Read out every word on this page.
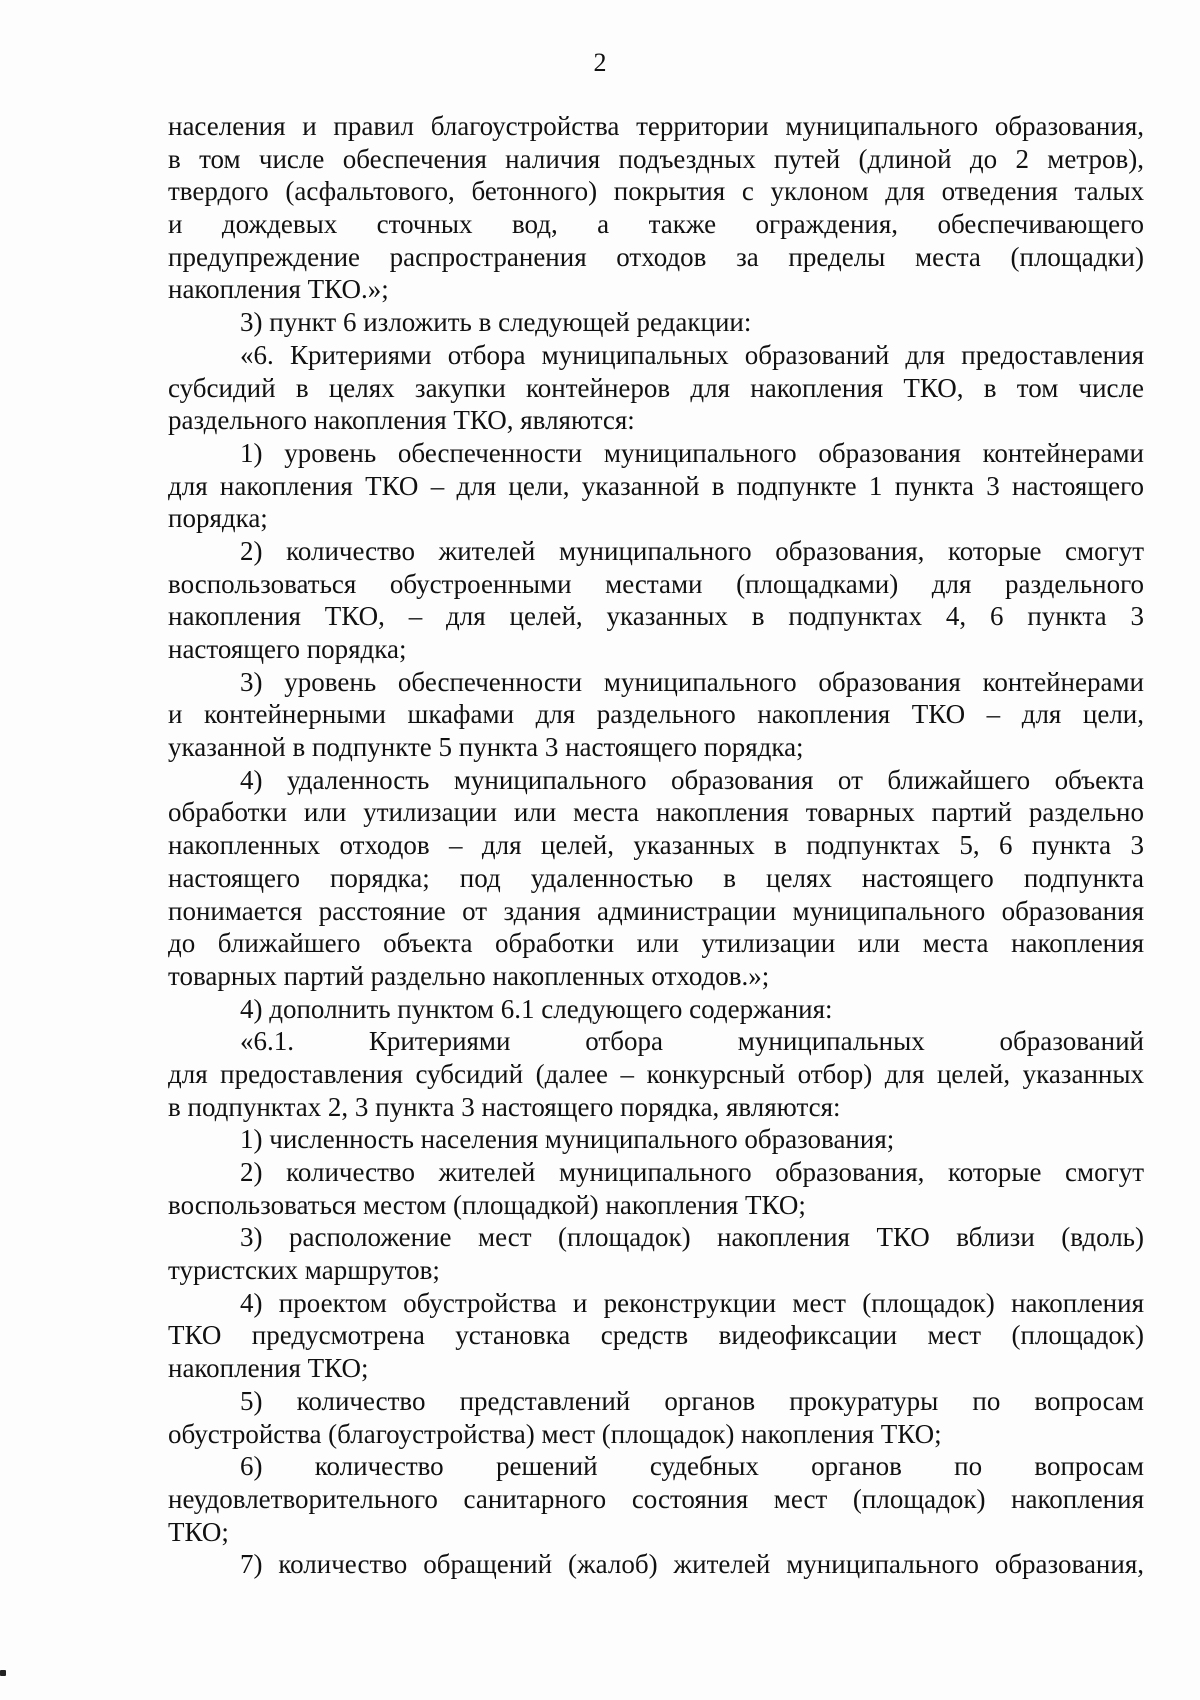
2
населения и правил благоустройства территории муниципального образования,
в том числе обеспечения наличия подъездных путей (длиной до 2 метров),
твердого (асфальтового, бетонного) покрытия с уклоном для отведения талых
и дождевых сточных вод, а также ограждения, обеспечивающего
предупреждение распространения отходов за пределы места (площадки)
накопления ТКО.»;
3) пункт 6 изложить в следующей редакции:
«6. Критериями отбора муниципальных образований для предоставления
субсидий в целях закупки контейнеров для накопления ТКО, в том числе
раздельного накопления ТКО, являются:
1) уровень обеспеченности муниципального образования контейнерами
для накопления ТКО – для цели, указанной в подпункте 1 пункта 3 настоящего
порядка;
2) количество жителей муниципального образования, которые смогут
воспользоваться обустроенными местами (площадками) для раздельного
накопления ТКО, – для целей, указанных в подпунктах 4, 6 пункта 3
настоящего порядка;
3) уровень обеспеченности муниципального образования контейнерами
и контейнерными шкафами для раздельного накопления ТКО – для цели,
указанной в подпункте 5 пункта 3 настоящего порядка;
4) удаленность муниципального образования от ближайшего объекта
обработки или утилизации или места накопления товарных партий раздельно
накопленных отходов – для целей, указанных в подпунктах 5, 6 пункта 3
настоящего порядка; под удаленностью в целях настоящего подпункта
понимается расстояние от здания администрации муниципального образования
до ближайшего объекта обработки или утилизации или места накопления
товарных партий раздельно накопленных отходов.»;
4) дополнить пунктом 6.1 следующего содержания:
«6.1. Критериями отбора муниципальных образований
для предоставления субсидий (далее – конкурсный отбор) для целей, указанных
в подпунктах 2, 3 пункта 3 настоящего порядка, являются:
1) численность населения муниципального образования;
2) количество жителей муниципального образования, которые смогут
воспользоваться местом (площадкой) накопления ТКО;
3) расположение мест (площадок) накопления ТКО вблизи (вдоль)
туристских маршрутов;
4) проектом обустройства и реконструкции мест (площадок) накопления
ТКО предусмотрена установка средств видеофиксации мест (площадок)
накопления ТКО;
5) количество представлений органов прокуратуры по вопросам
обустройства (благоустройства) мест (площадок) накопления ТКО;
6) количество решений судебных органов по вопросам
неудовлетворительного санитарного состояния мест (площадок) накопления
ТКО;
7) количество обращений (жалоб) жителей муниципального образования,
